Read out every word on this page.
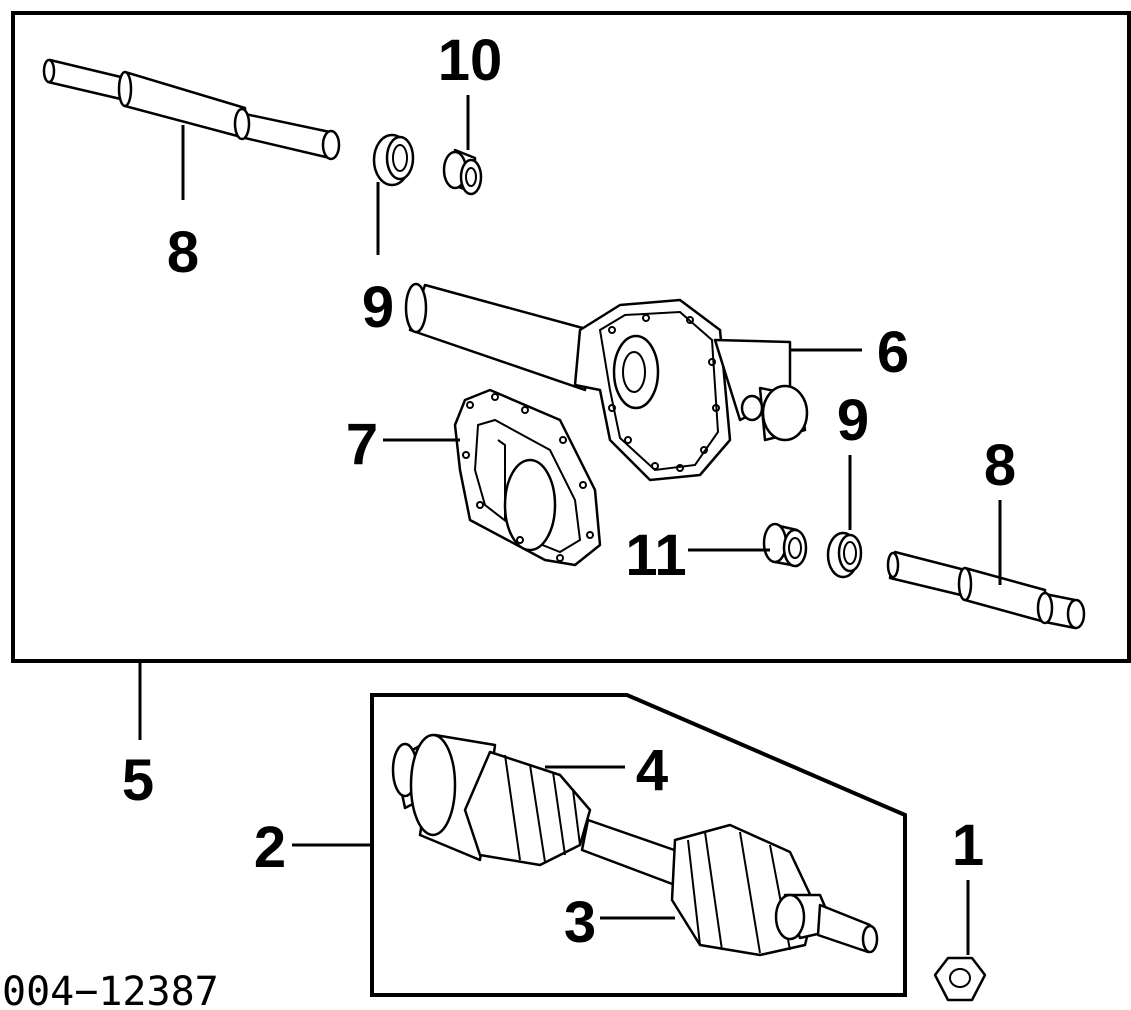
8
9
10
6
7	9
8
11
5	4
2
3
1
004−12387
